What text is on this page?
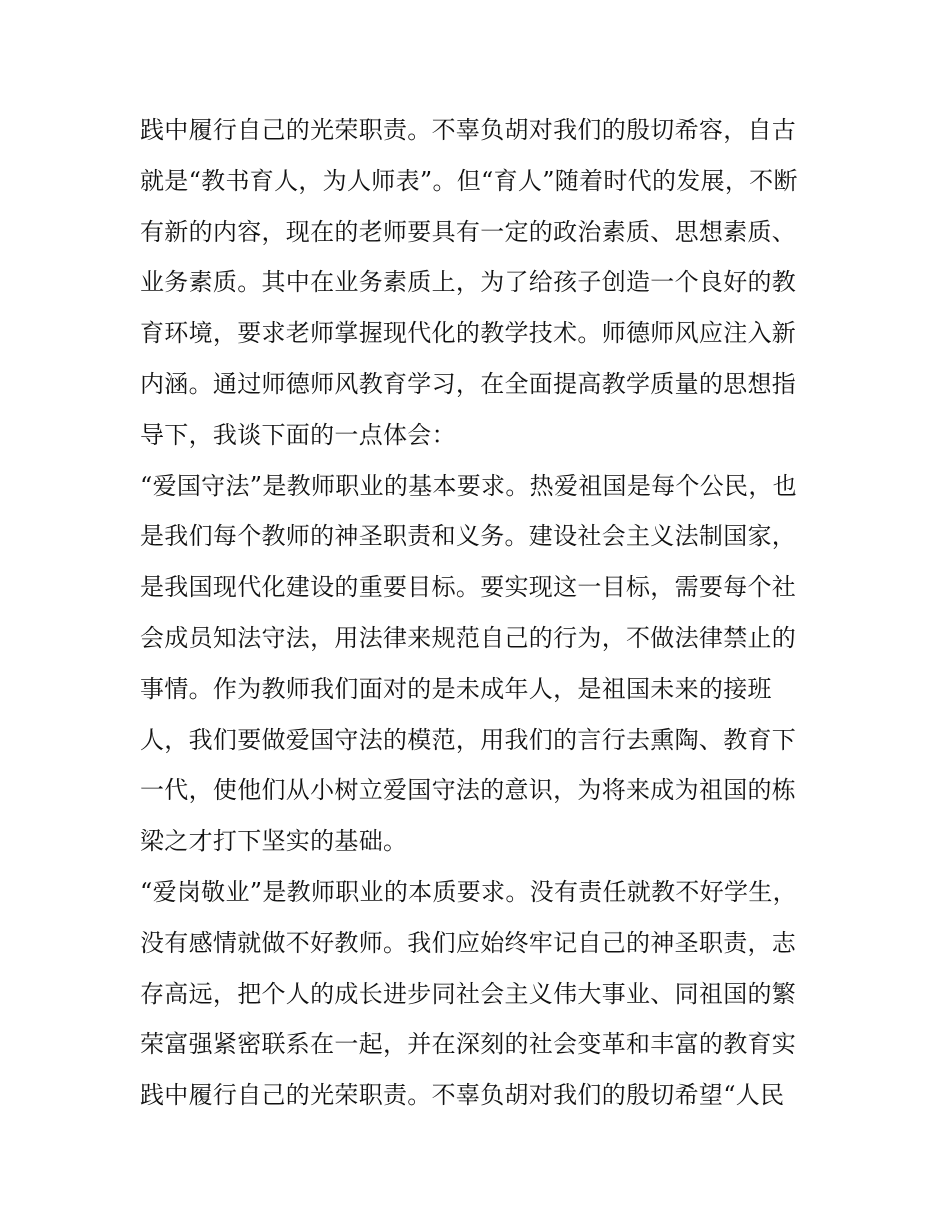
践中履行自己的光荣职责。不辜负胡对我们的殷切希容，自古
就是“教书育人，为人师表”。但“育人”随着时代的发展，不断
有新的内容，现在的老师要具有一定的政治素质、思想素质、
业务素质。其中在业务素质上，为了给孩子创造一个良好的教
育环境，要求老师掌握现代化的教学技术。师德师风应注入新
内涵。通过师德师风教育学习，在全面提高教学质量的思想指
导下，我谈下面的一点体会：
“爱国守法”是教师职业的基本要求。热爱祖国是每个公民，也
是我们每个教师的神圣职责和义务。建设社会主义法制国家，
是我国现代化建设的重要目标。要实现这一目标，需要每个社
会成员知法守法，用法律来规范自己的行为，不做法律禁止的
事情。作为教师我们面对的是未成年人，是祖国未来的接班
人，我们要做爱国守法的模范，用我们的言行去熏陶、教育下
一代，使他们从小树立爱国守法的意识，为将来成为祖国的栋
梁之才打下坚实的基础。
“爱岗敬业”是教师职业的本质要求。没有责任就教不好学生，
没有感情就做不好教师。我们应始终牢记自己的神圣职责，志
存高远，把个人的成长进步同社会主义伟大事业、同祖国的繁
荣富强紧密联系在一起，并在深刻的社会变革和丰富的教育实
践中履行自己的光荣职责。不辜负胡对我们的殷切希望“人民
